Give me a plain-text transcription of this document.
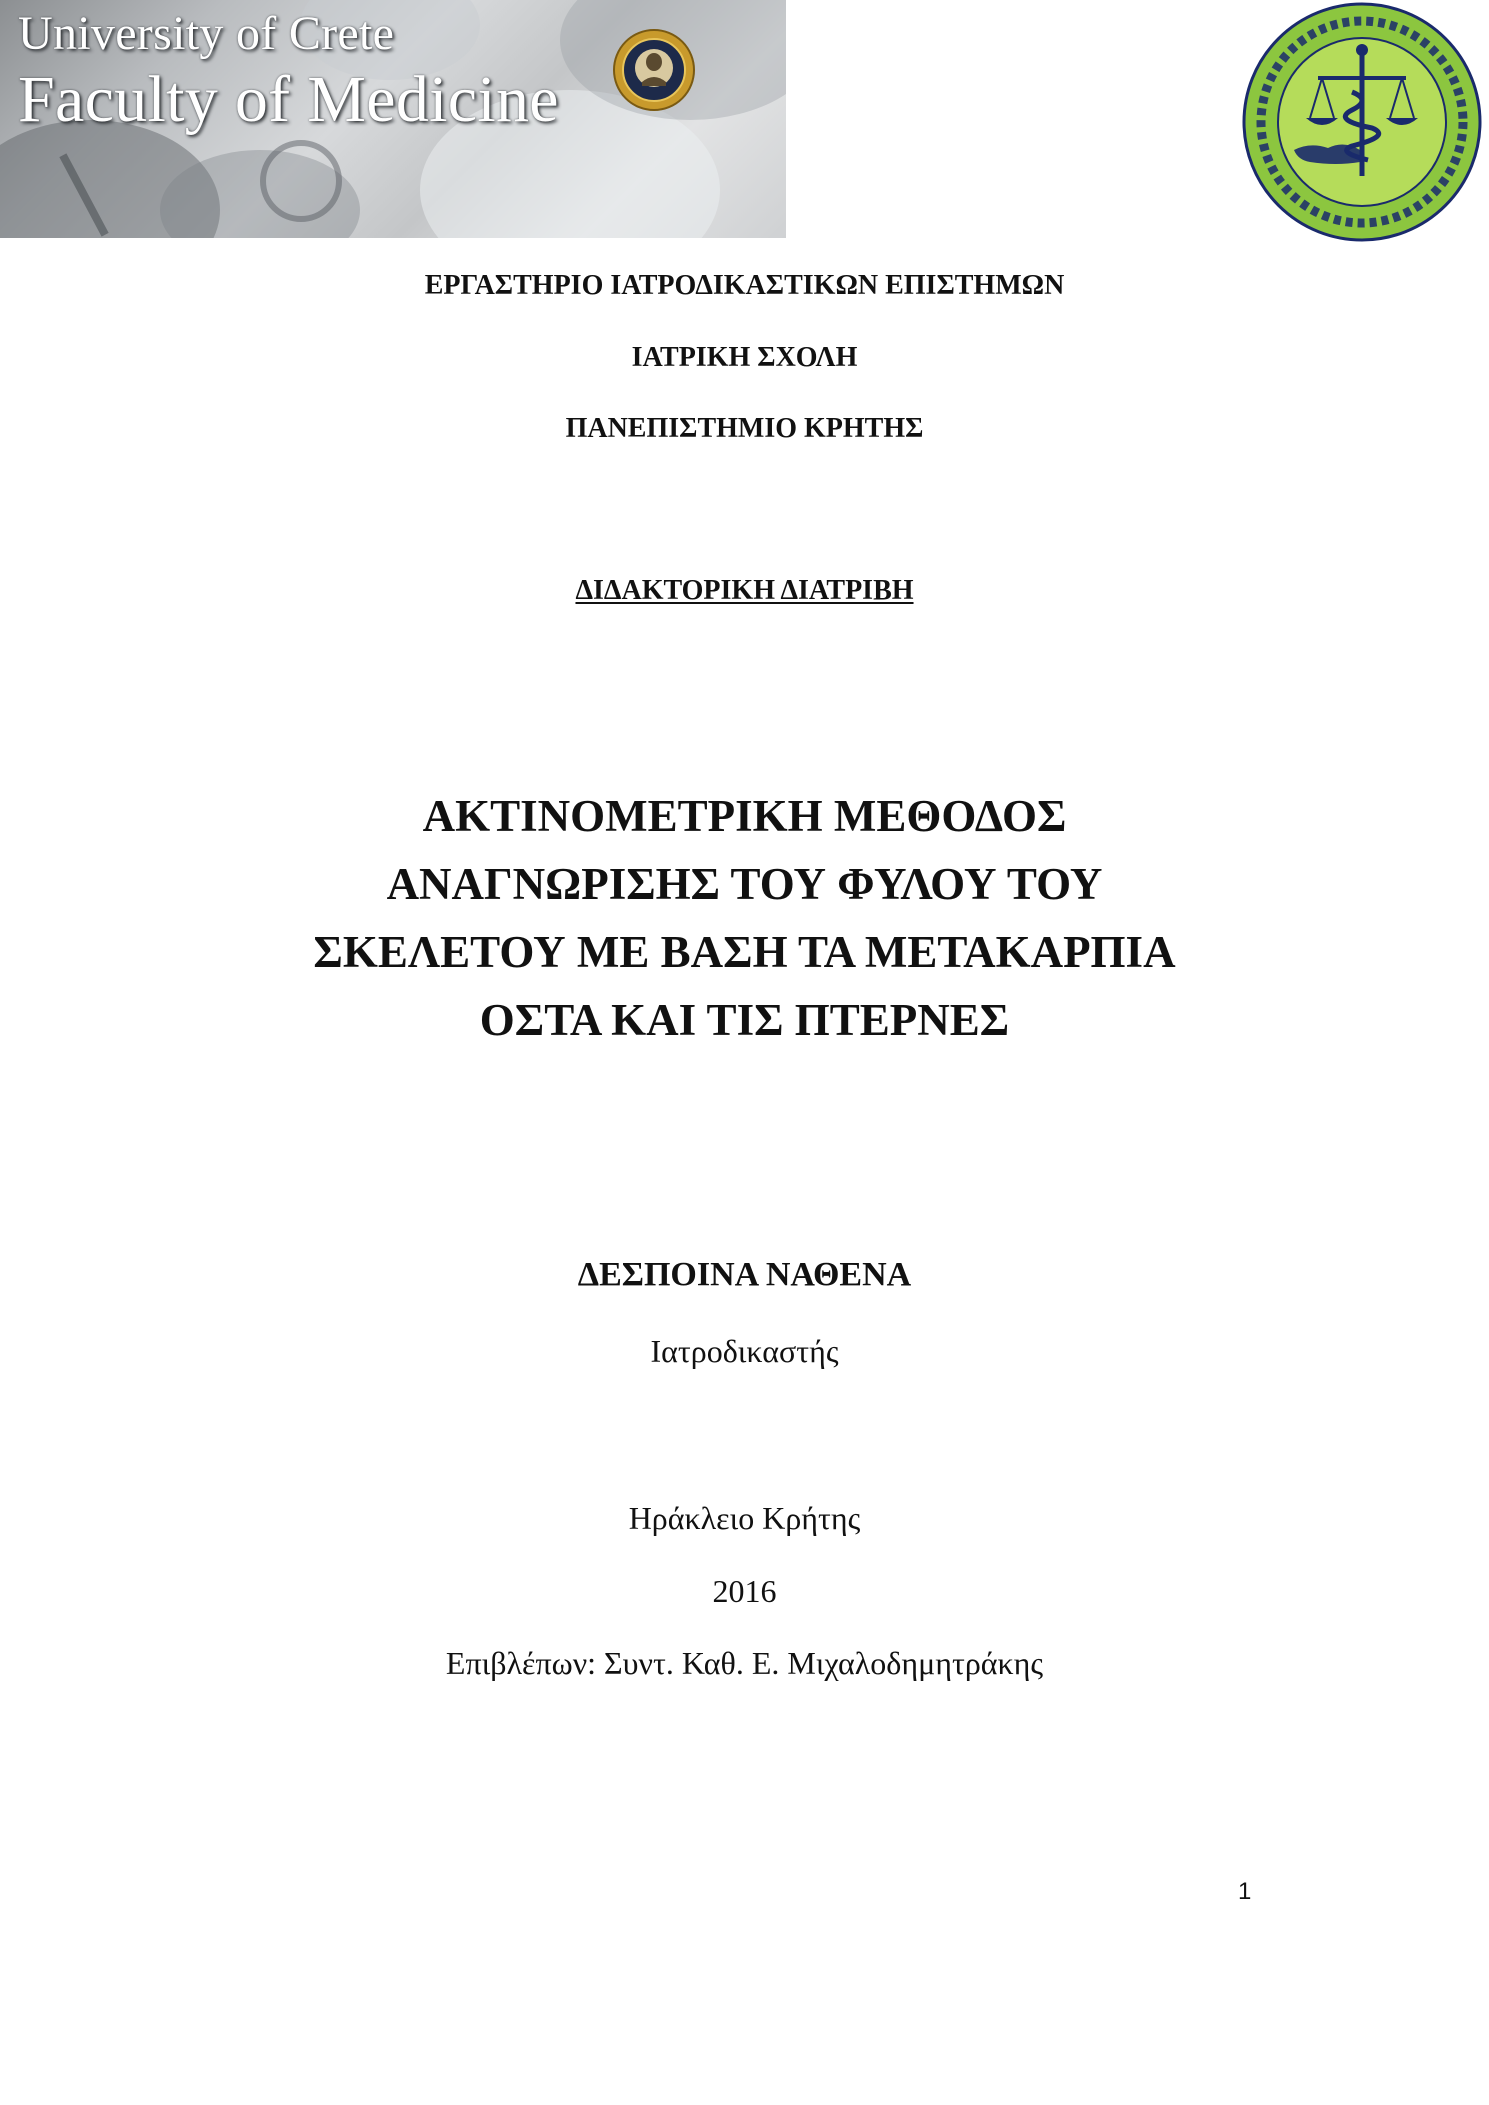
University of Crete
Faculty of Medicine
ΕΡΓΑΣΤΗΡΙΟ ΙΑΤΡΟΔΙΚΑΣΤΙΚΩΝ ΕΠΙΣΤΗΜΩΝ
ΙΑΤΡΙΚΗ ΣΧΟΛΗ
ΠΑΝΕΠΙΣΤΗΜΙΟ ΚΡΗΤΗΣ
ΔΙΔΑΚΤΟΡΙΚΗ ΔΙΑΤΡΙΒΗ
ΑΚΤΙΝΟΜΕΤΡΙΚΗ ΜΕΘΟΔΟΣ
ΑΝΑΓΝΩΡΙΣΗΣ ΤΟΥ ΦΥΛΟΥ ΤΟΥ
ΣΚΕΛΕΤΟΥ ΜΕ ΒΑΣΗ ΤΑ ΜΕΤΑΚΑΡΠΙΑ
ΟΣΤΑ ΚΑΙ ΤΙΣ ΠΤΕΡΝΕΣ
ΔΕΣΠΟΙΝΑ ΝΑΘΕΝΑ
Ιατροδικαστής
Ηράκλειο Κρήτης
2016
Επιβλέπων: Συντ. Καθ. Ε. Μιχαλοδημητράκης
1
